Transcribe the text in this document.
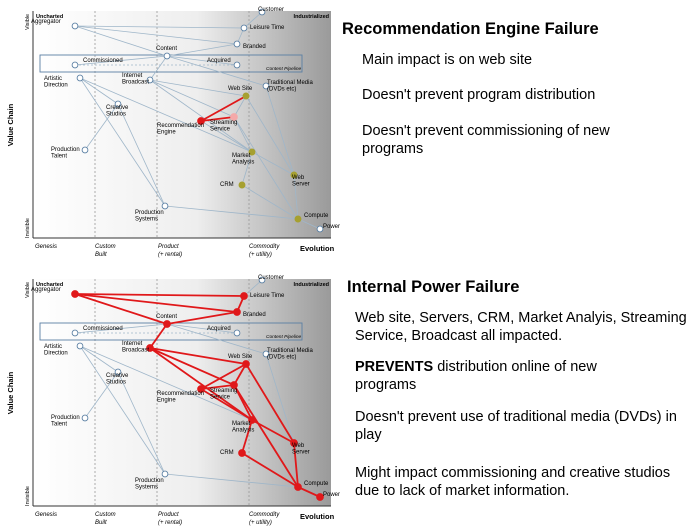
Uncharted	Industrialized
Visible
Invisible
Value Chain
Genesis	Custom
Built
Product
(+ rental)
Commodity
(+ utility)
Evolution
Content Pipeline
Aggregator
Customer
Leisure Time
Branded
Content
Commissioned	Acquired
Artistic
Direction
Internet
Broadcast
Creative
Studios
Traditional Media
(DVDs etc)
Web Site
Recommendation
Engine
Streaming
Service
Production
Talent	Market
Analysis
CRM
Web
Server
Production
Systems
Compute
Power
Recommendation Engine Failure

Main impact is on web site

Doesn't prevent program distribution

Doesn't prevent commissioning of new programs

Uncharted	Industrialized
Visible
Invisible
Value Chain
Genesis	Custom
Built
Product
(+ rental)
Commodity
(+ utility)
Evolution
Content Pipeline
Aggregator
Customer
Leisure Time
Branded
Content
Commissioned	Acquired
Artistic
Direction
Internet
Broadcast
Creative
Studios
Traditional Media
(DVDs etc)
Web Site
Recommendation
Engine
Streaming
Service
Production
Talent	Market
Analysis
CRM
Web
Server
Production
Systems
Compute
Power
Internal Power Failure

Web site, Servers, CRM, Market Analyis, Streaming Service, Broadcast all impacted.

PREVENTS distribution online of new programs

Doesn't prevent use of traditional media (DVDs) in play

Might impact commissioning and creative studios due to lack of market information.
